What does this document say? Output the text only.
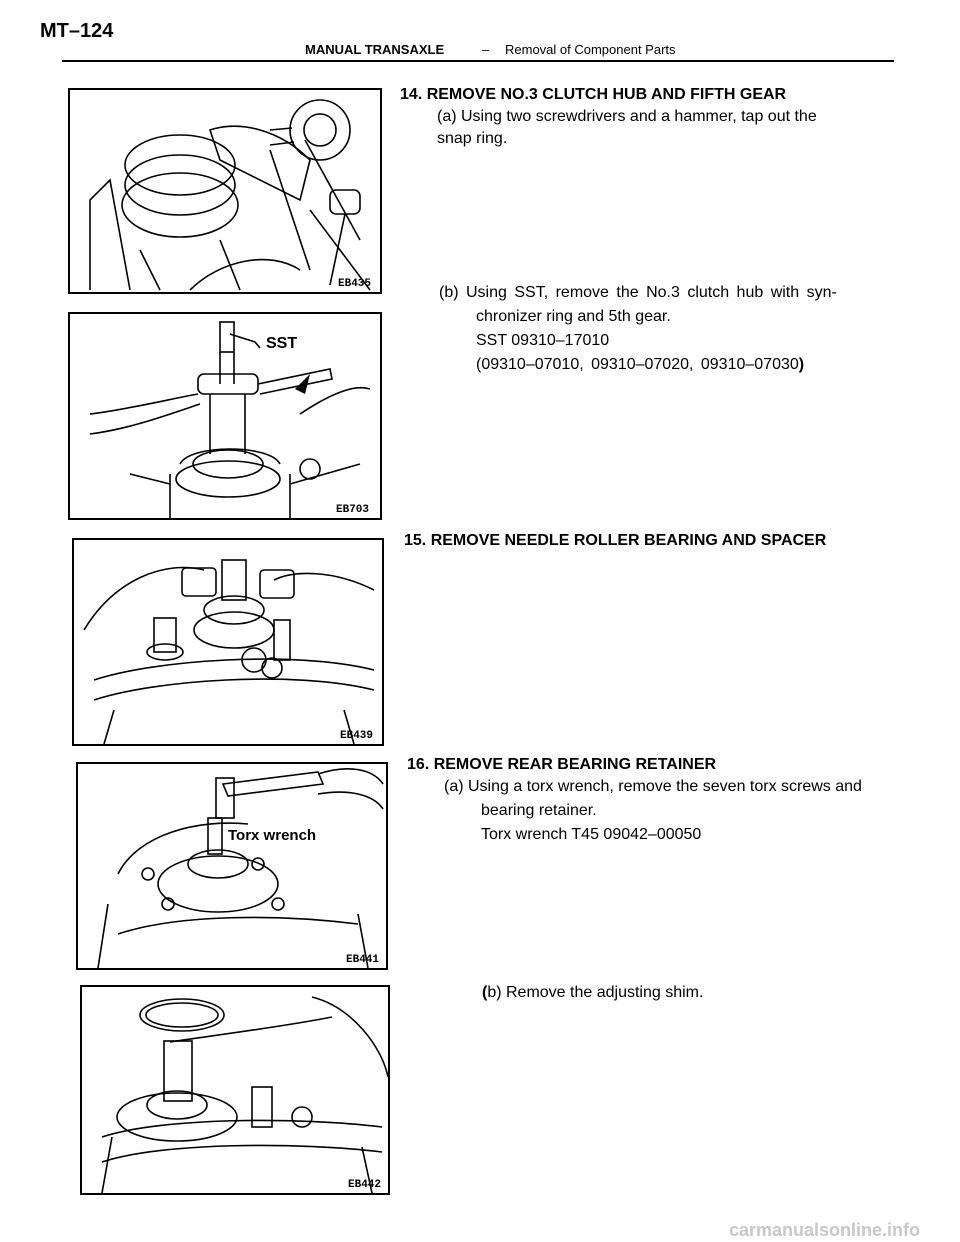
MT–124
MANUAL TRANSAXLE	– Removal of Component Parts
EB435
SST
EB703
EB439
Torx wrench
EB441
EB442
14. REMOVE NO.3 CLUTCH HUB AND FIFTH GEAR
(a) Using two screwdrivers and a hammer, tap out the
snap ring.
(b) Using SST, remove the No.3 clutch hub with syn-
chronizer ring and 5th gear.
SST 09310–17010
(09310–07010, 09310–07020, 09310–07030)
15. REMOVE NEEDLE ROLLER BEARING AND SPACER
16. REMOVE REAR BEARING RETAINER
(a) Using a torx wrench, remove the seven torx screws and
bearing retainer.
Torx wrench T45 09042–00050
(b) Remove the adjusting shim.
carmanualsonline.info
